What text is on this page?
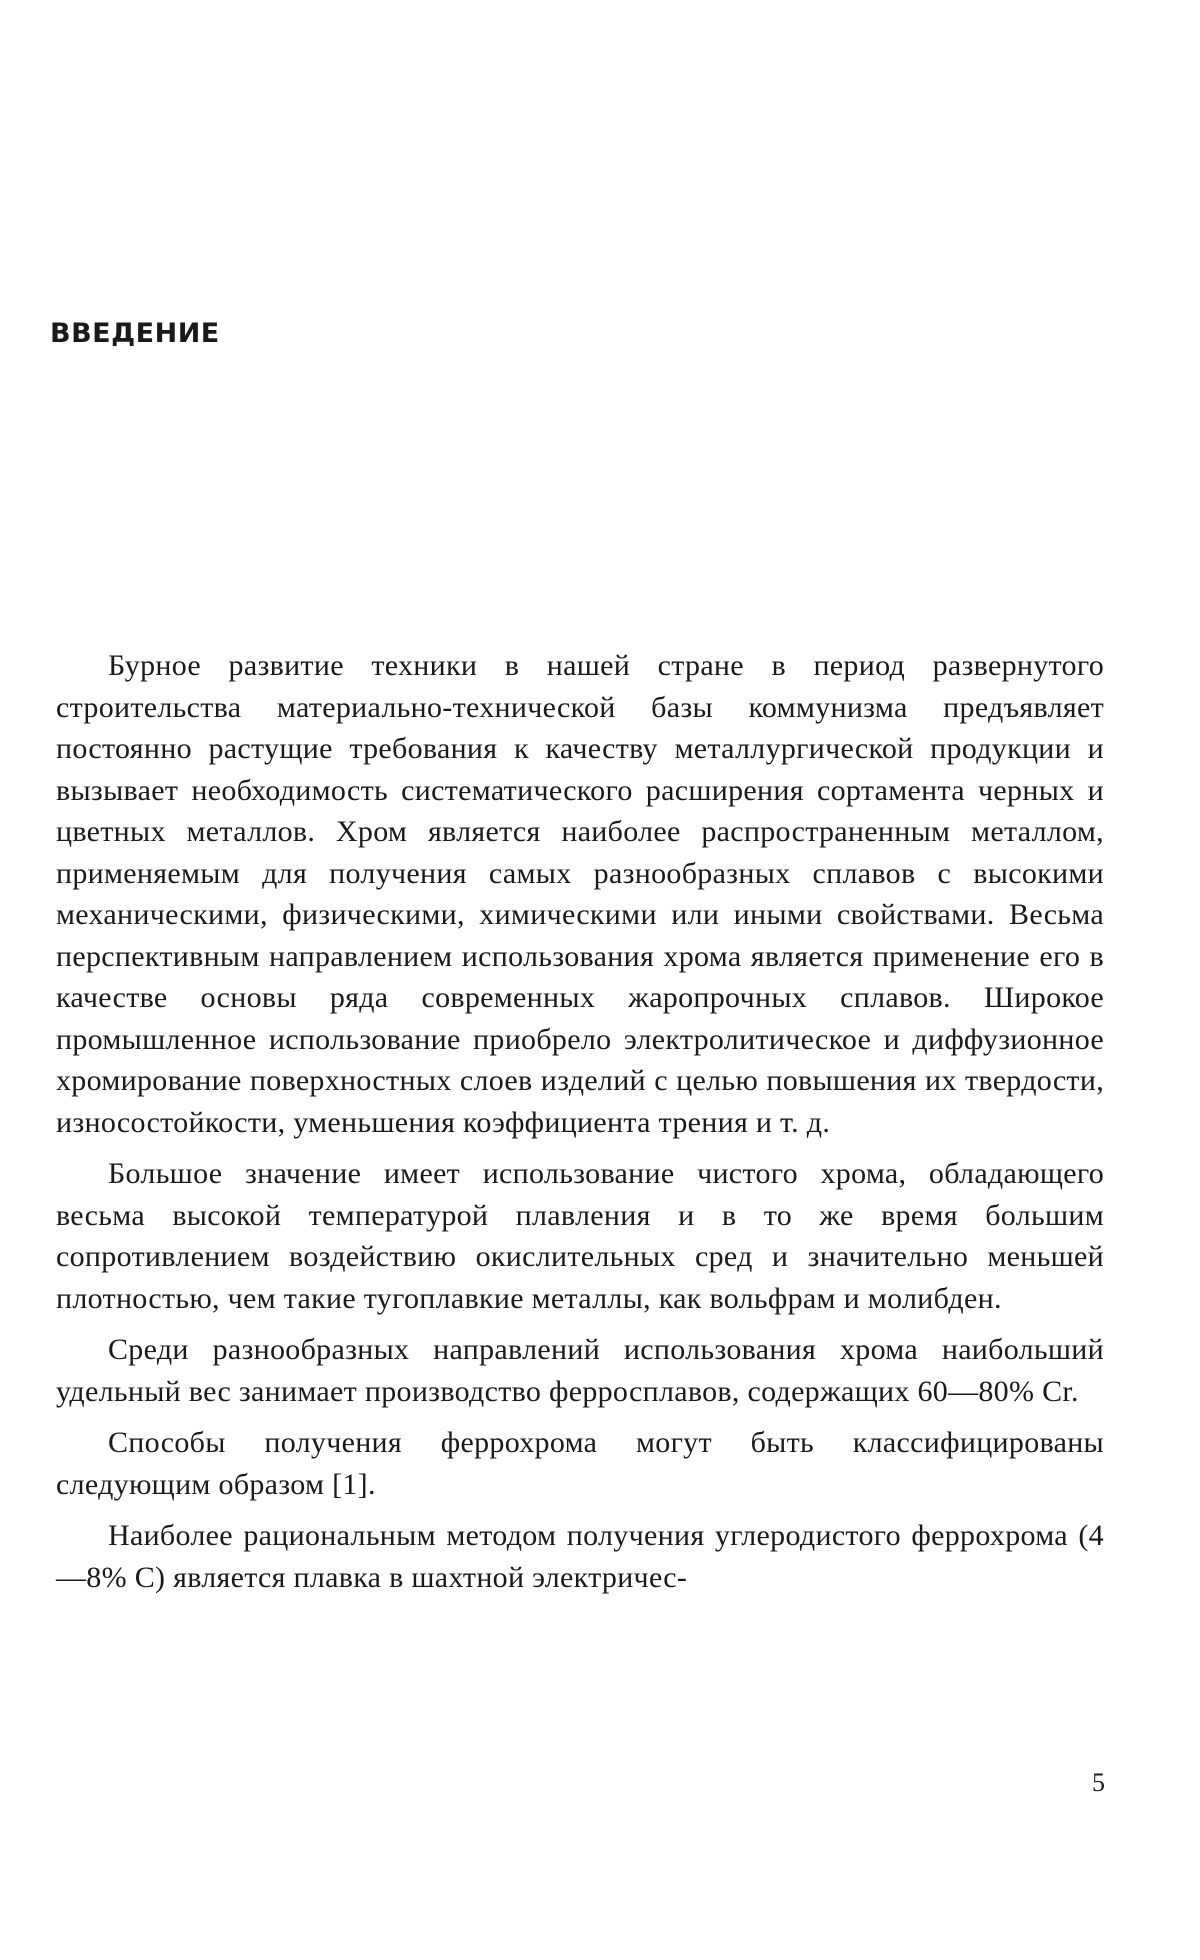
ВВЕДЕНИЕ

Бурное развитие техники в нашей стране в период развернутого строительства материально-технической базы коммунизма предъявляет постоянно растущие требования к качеству металлургической продукции и вызывает необходимость систематического расширения сортамента черных и цветных металлов. Хром является наиболее распространенным металлом, применяемым для получения самых разнообразных сплавов с высокими механическими, физическими, химическими или иными свойствами. Весьма перспективным направлением использования хрома является применение его в качестве основы ряда современных жаропрочных сплавов. Широкое промышленное использование приобрело электролитическое и диффузионное хромирование поверхностных слоев изделий с целью повышения их твердости, износостойкости, уменьшения коэффициента трения и т. д.

Большое значение имеет использование чистого хрома, обладающего весьма высокой температурой плавления и в то же время большим сопротивлением воздействию окислительных сред и значительно меньшей плотностью, чем такие тугоплавкие металлы, как вольфрам и молибден.

Среди разнообразных направлений использования хрома наибольший удельный вес занимает производство ферросплавов, содержащих 60—80% Cr.

Способы получения феррохрома могут быть классифицированы следующим образом [1].

Наиболее рациональным методом получения углеродистого феррохрома (4—8% C) является плавка в шахтной электричес-

5
